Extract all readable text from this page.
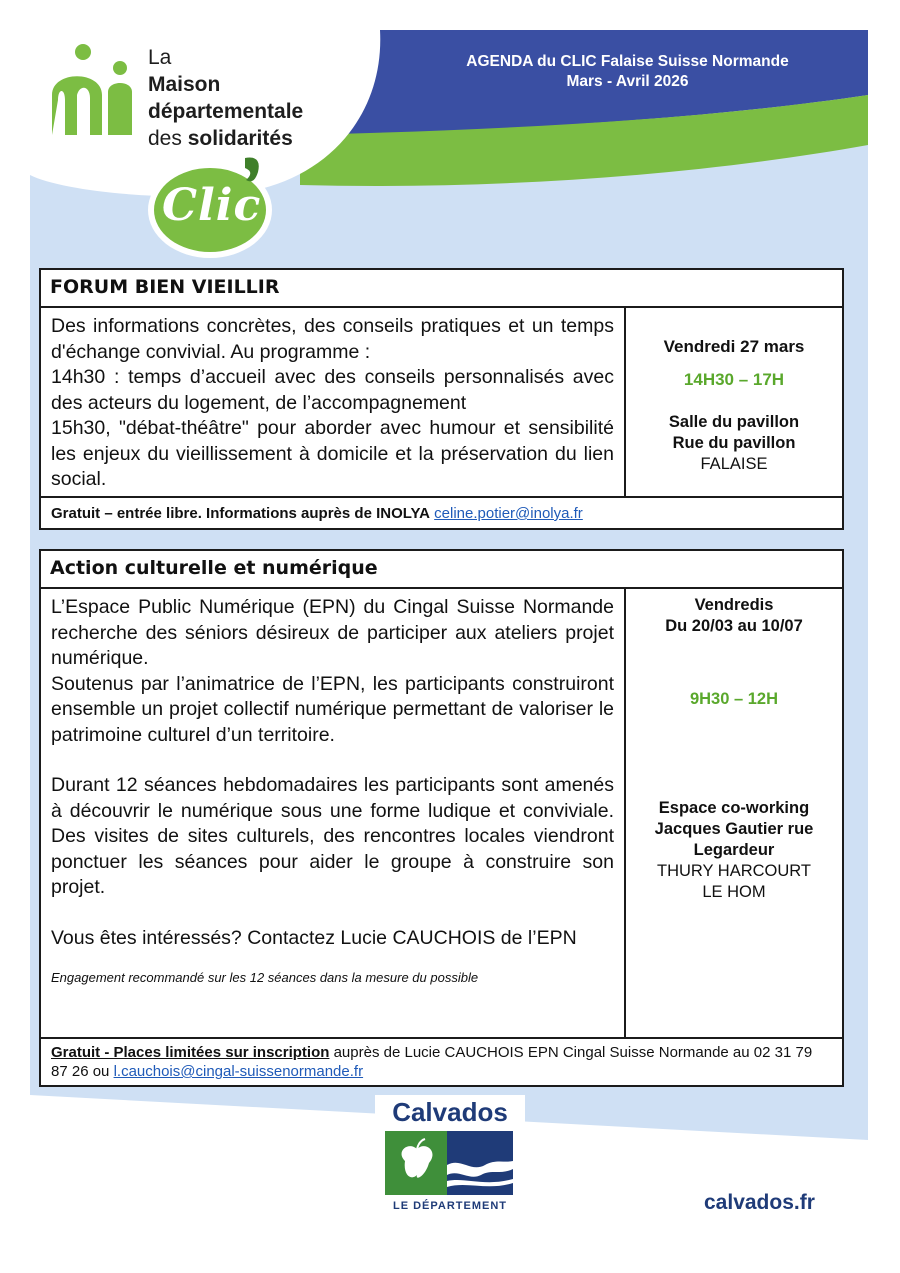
AGENDA du CLIC Falaise Suisse Normande
Mars - Avril 2026
La
Maison
départementale
des solidarités
Clic
FORUM BIEN VIEILLIR

Des informations concrètes, des conseils pratiques et un temps d'échange convivial. Au programme :

14h30 : temps d’accueil avec des conseils personnalisés avec des acteurs du logement, de l’accompagnement

15h30, "débat-théâtre" pour aborder avec humour et sensibilité les enjeux du vieillissement à domicile et la préservation du lien social.

Vendredi 27 mars
14H30 – 17H
Salle du pavillon
Rue du pavillon
FALAISE
Gratuit – entrée libre. Informations auprès de INOLYA celine.potier@inolya.fr
Action culturelle et numérique

L’Espace Public Numérique (EPN) du Cingal Suisse Normande recherche des séniors désireux de participer aux ateliers projet numérique.

Soutenus par l’animatrice de l’EPN, les participants construiront ensemble un projet collectif numérique permettant de valoriser le patrimoine culturel d’un territoire.

Durant 12 séances hebdomadaires les participants sont amenés à découvrir le numérique sous une forme ludique et conviviale. Des visites de sites culturels, des rencontres locales viendront ponctuer les séances pour aider le groupe à construire son projet.

Vous êtes intéressés? Contactez Lucie CAUCHOIS de l’EPN

Engagement recommandé sur les 12 séances dans la mesure du possible

Vendredis
Du 20/03 au 10/07
9H30 – 12H
Espace co-working
Jacques Gautier rue
Legardeur
THURY HARCOURT
LE HOM
Gratuit - Places limitées sur inscription auprès de Lucie CAUCHOIS EPN Cingal Suisse Normande au 02 31 79 87 26 ou l.cauchois@cingal-suissenormande.fr
Calvados
LE DÉPARTEMENT	calvados.fr
